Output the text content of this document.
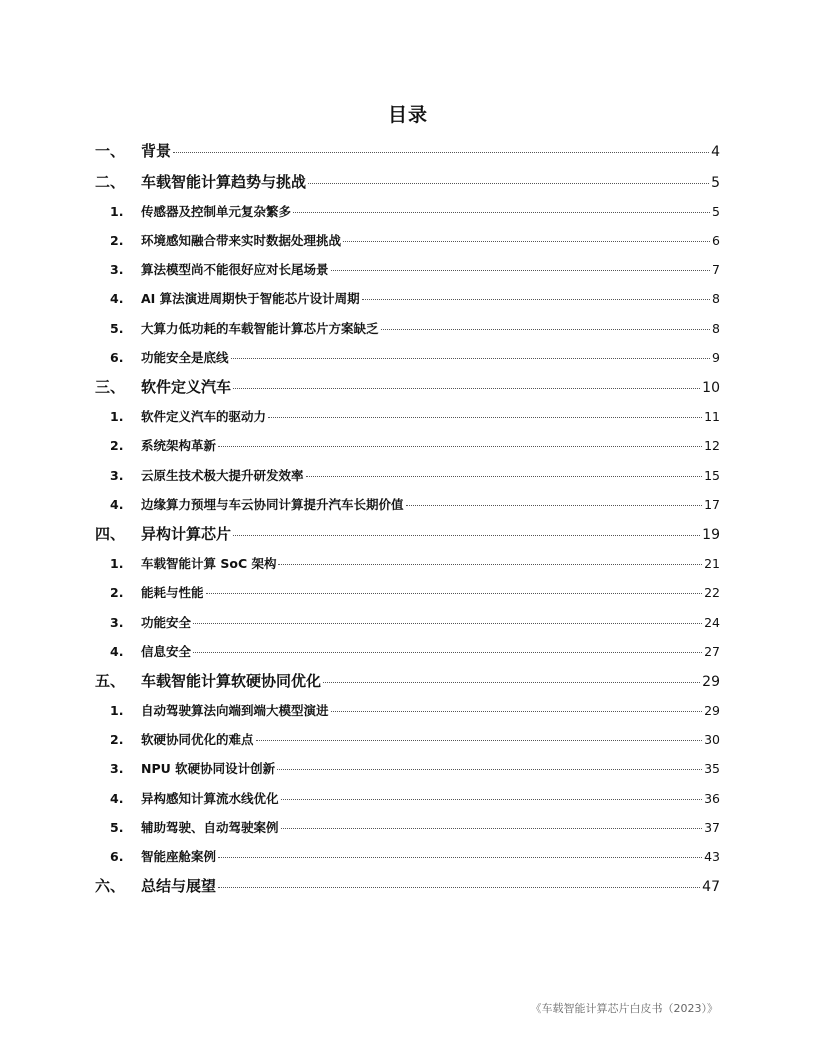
目录
一、	背景	4
二、	车载智能计算趋势与挑战	5
1. 传感器及控制单元复杂繁多	5
2. 环境感知融合带来实时数据处理挑战	6
3. 算法模型尚不能很好应对长尾场景	7
4. AI 算法演进周期快于智能芯片设计周期	8
5. 大算力低功耗的车载智能计算芯片方案缺乏	8
6. 功能安全是底线	9
三、	软件定义汽车	10
1. 软件定义汽车的驱动力	11
2. 系统架构革新	12
3. 云原生技术极大提升研发效率	15
4. 边缘算力预埋与车云协同计算提升汽车长期价值	17
四、	异构计算芯片	19
1. 车载智能计算 SoC 架构	21
2. 能耗与性能	22
3. 功能安全	24
4. 信息安全	27
五、	车载智能计算软硬协同优化	29
1. 自动驾驶算法向端到端大模型演进	29
2. 软硬协同优化的难点	30
3. NPU 软硬协同设计创新	35
4. 异构感知计算流水线优化	36
5. 辅助驾驶、自动驾驶案例	37
6. 智能座舱案例	43
六、	总结与展望	47
《车载智能计算芯片白皮书（2023）》
